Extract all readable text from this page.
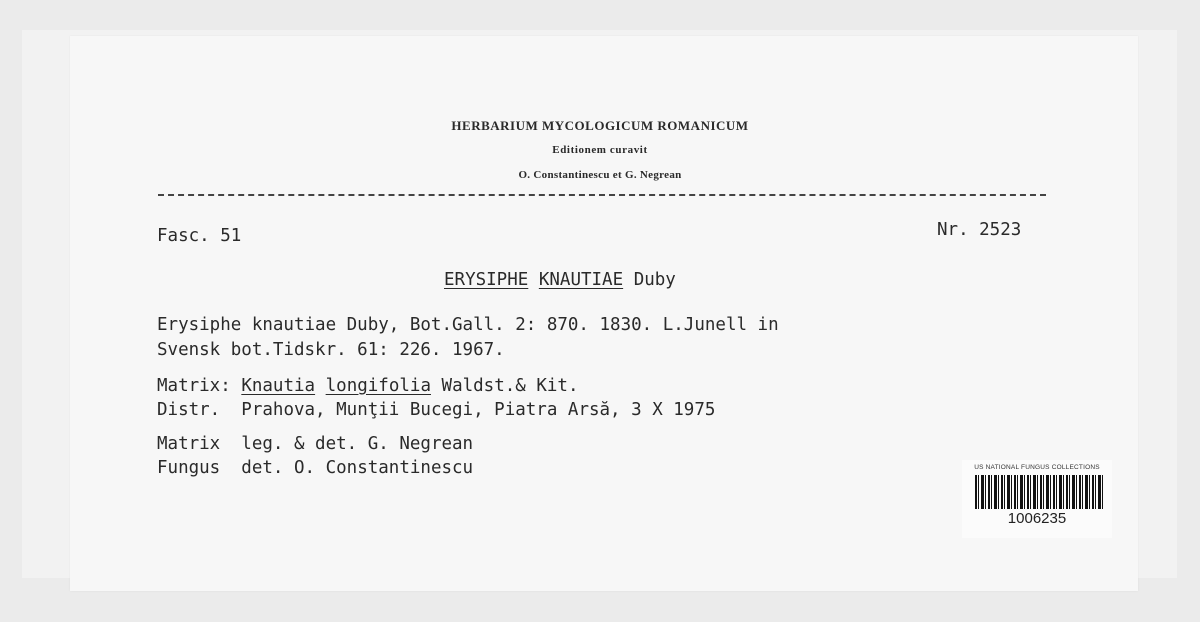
HERBARIUM MYCOLOGICUM ROMANICUM
Editionem curavit
O. Constantinescu et G. Negrean
Fasc. 51	Nr. 2523
ERYSIPHE KNAUTIAE Duby
Erysiphe knautiae Duby, Bot.Gall. 2: 870. 1830. L.Junell in
Svensk bot.Tidskr. 61: 226. 1967.
Matrix: Knautia longifolia Waldst.& Kit.
Distr. Prahova, Munţii Bucegi, Piatra Arsă, 3 X 1975
Matrix leg. & det. G. Negrean
Fungus det. O. Constantinescu	US NATIONAL FUNGUS COLLECTIONS
1006235
